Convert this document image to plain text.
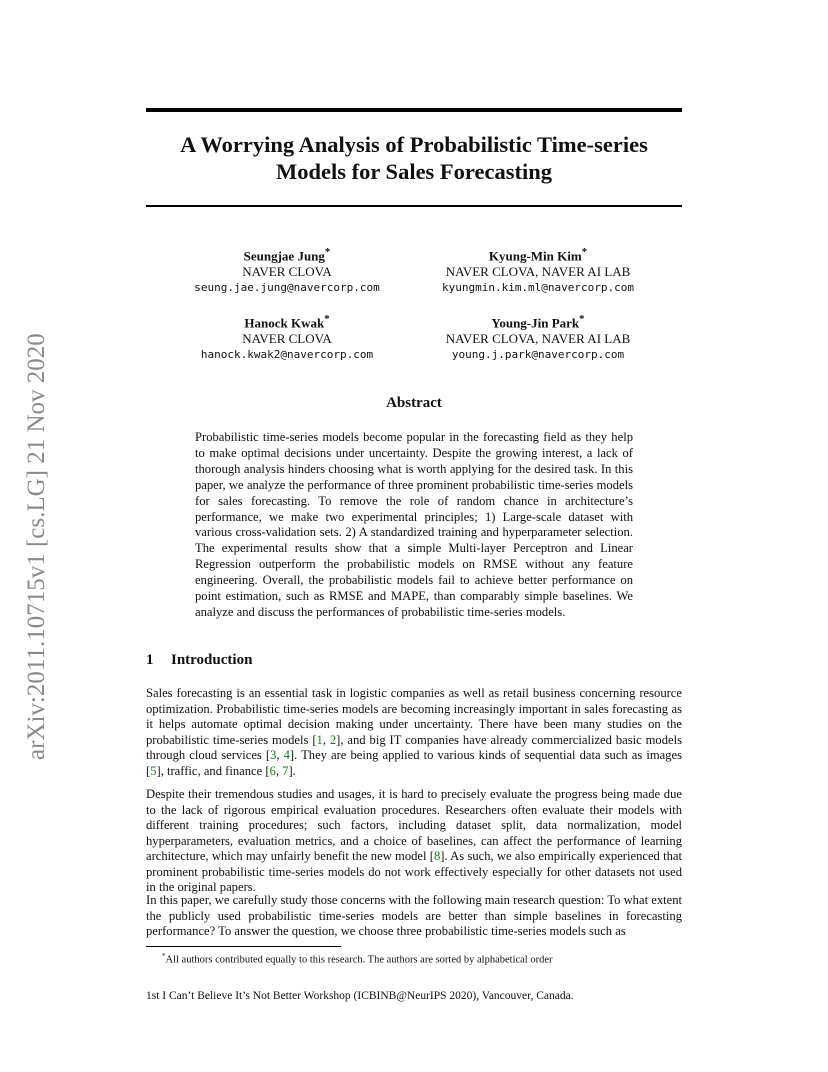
arXiv:2011.10715v1 [cs.LG] 21 Nov 2020
A Worrying Analysis of Probabilistic Time-series
Models for Sales Forecasting
Seungjae Jung*
NAVER CLOVA
seung.jae.jung@navercorp.com
Kyung-Min Kim*
NAVER CLOVA, NAVER AI LAB
kyungmin.kim.ml@navercorp.com
Hanock Kwak*
NAVER CLOVA
hanock.kwak2@navercorp.com
Young-Jin Park*
NAVER CLOVA, NAVER AI LAB
young.j.park@navercorp.com
Abstract
Probabilistic time-series models become popular in the forecasting field as they help to make optimal decisions under uncertainty. Despite the growing interest, a lack of thorough analysis hinders choosing what is worth applying for the desired task. In this paper, we analyze the performance of three prominent probabilistic time-series models for sales forecasting. To remove the role of random chance in architecture’s performance, we make two experimental principles; 1) Large-scale dataset with various cross-validation sets. 2) A standardized training and hyperparameter selection. The experimental results show that a simple Multi-layer Perceptron and Linear Regression outperform the probabilistic models on RMSE without any feature engineering. Overall, the probabilistic models fail to achieve better performance on point estimation, such as RMSE and MAPE, than comparably simple baselines. We analyze and discuss the performances of probabilistic time-series models.
1 Introduction

Sales forecasting is an essential task in logistic companies as well as retail business concerning resource optimization. Probabilistic time-series models are becoming increasingly important in sales forecasting as it helps automate optimal decision making under uncertainty. There have been many studies on the probabilistic time-series models [1, 2], and big IT companies have already commercialized basic models through cloud services [3, 4]. They are being applied to various kinds of sequential data such as images [5], traffic, and finance [6, 7].

Despite their tremendous studies and usages, it is hard to precisely evaluate the progress being made due to the lack of rigorous empirical evaluation procedures. Researchers often evaluate their models with different training procedures; such factors, including dataset split, data normalization, model hyperparameters, evaluation metrics, and a choice of baselines, can affect the performance of learning architecture, which may unfairly benefit the new model [8]. As such, we also empirically experienced that prominent probabilistic time-series models do not work effectively especially for other datasets not used in the original papers.

In this paper, we carefully study those concerns with the following main research question: To what extent the publicly used probabilistic time-series models are better than simple baselines in forecasting performance? To answer the question, we choose three probabilistic time-series models such as

*All authors contributed equally to this research. The authors are sorted by alphabetical order
1st I Can’t Believe It’s Not Better Workshop (ICBINB@NeurIPS 2020), Vancouver, Canada.
